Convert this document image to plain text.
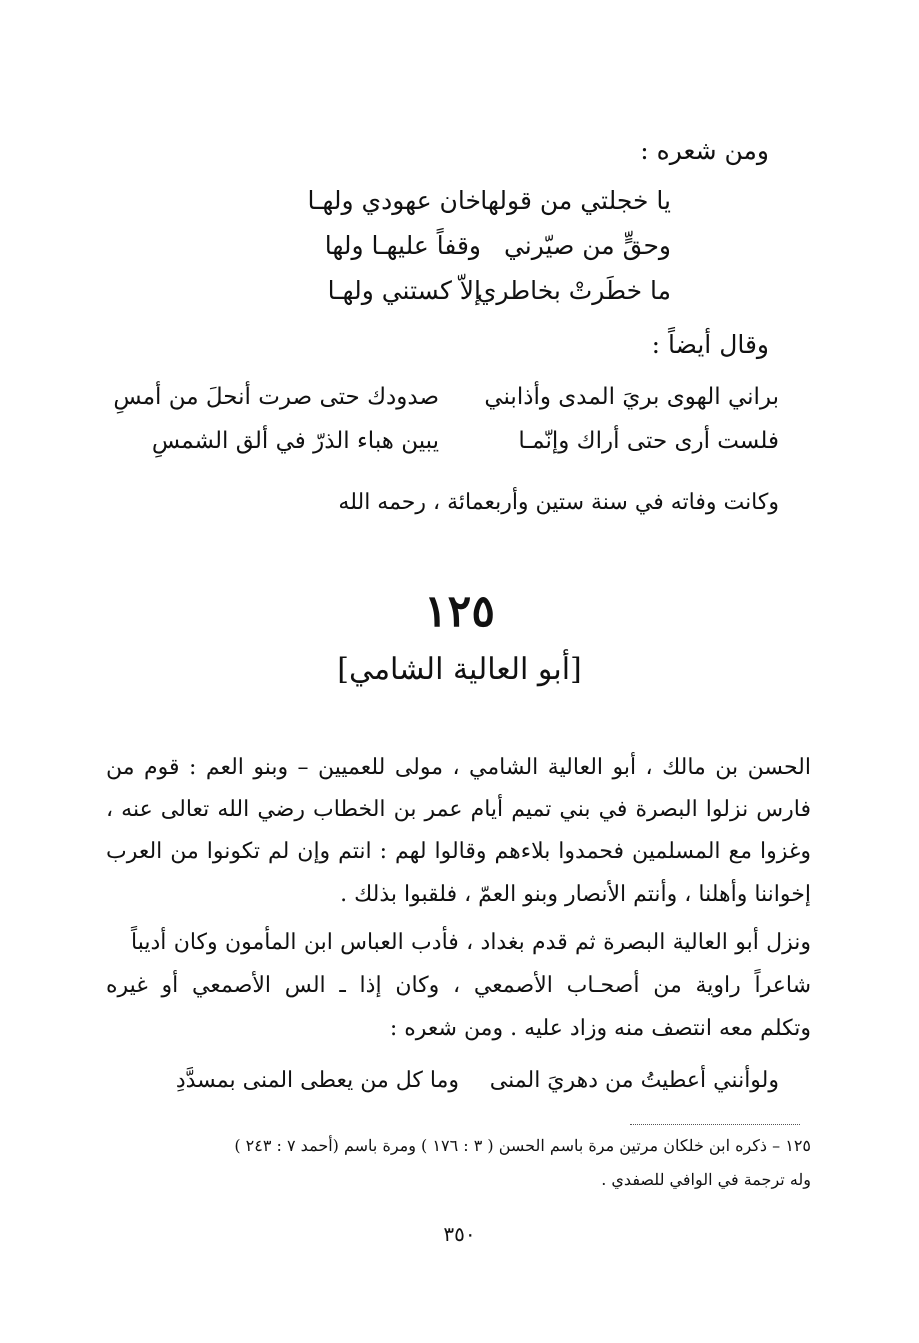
ومن شعره :
يا خجلتي من قولها
خان عهودي ولهـا
وحقٍّ من صيّرني
وقفاً عليهـا ولها
ما خطَرتْ بخاطري
إلاّ كستني ولهـا
وقال أيضاً :
براني الهوى بريَ المدى وأذابني
صدودك حتى صرت أنحلَ من أمسِ
فلست أرى حتى أراك وإنّمـا
يبين هباء الذرّ في ألق الشمسِ
وكانت وفاته في سنة ستين وأربعمائة ، رحمه الله
١٢٥
[أبو العالية الشامي]
الحسن بن مالك ، أبو العالية الشامي ، مولى للعميين – وبنو العم : قوم من
فارس نزلوا البصرة في بني تميم أيام عمر بن الخطاب رضي الله تعالى عنه ،
وغزوا مع المسلمين فحمدوا بلاءهم وقالوا لهم : انتم وإن لم تكونوا من العرب
إخواننا وأهلنا ، وأنتم الأنصار وبنو العمّ ، فلقبوا بذلك .
ونزل أبو العالية البصرة ثم قدم بغداد ، فأدب العباس ابن المأمون وكان أديباً
شاعراً راوية من أصحـاب الأصمعي ، وكان إذا ـ الس الأصمعي أو غيره
وتكلم معه انتصف منه وزاد عليه . ومن شعره :
ولوأنني أعطيتُ من دهريَ المنى
وما كل من يعطى المنى بمسدَّدِ
١٢٥ – ذكره ابن خلكان مرتين مرة باسم الحسن ( ٣ : ١٧٦ ) ومرة باسم (أحمد ٧ : ٢٤٣ )
وله ترجمة في الوافي للصفدي .
٣٥٠
